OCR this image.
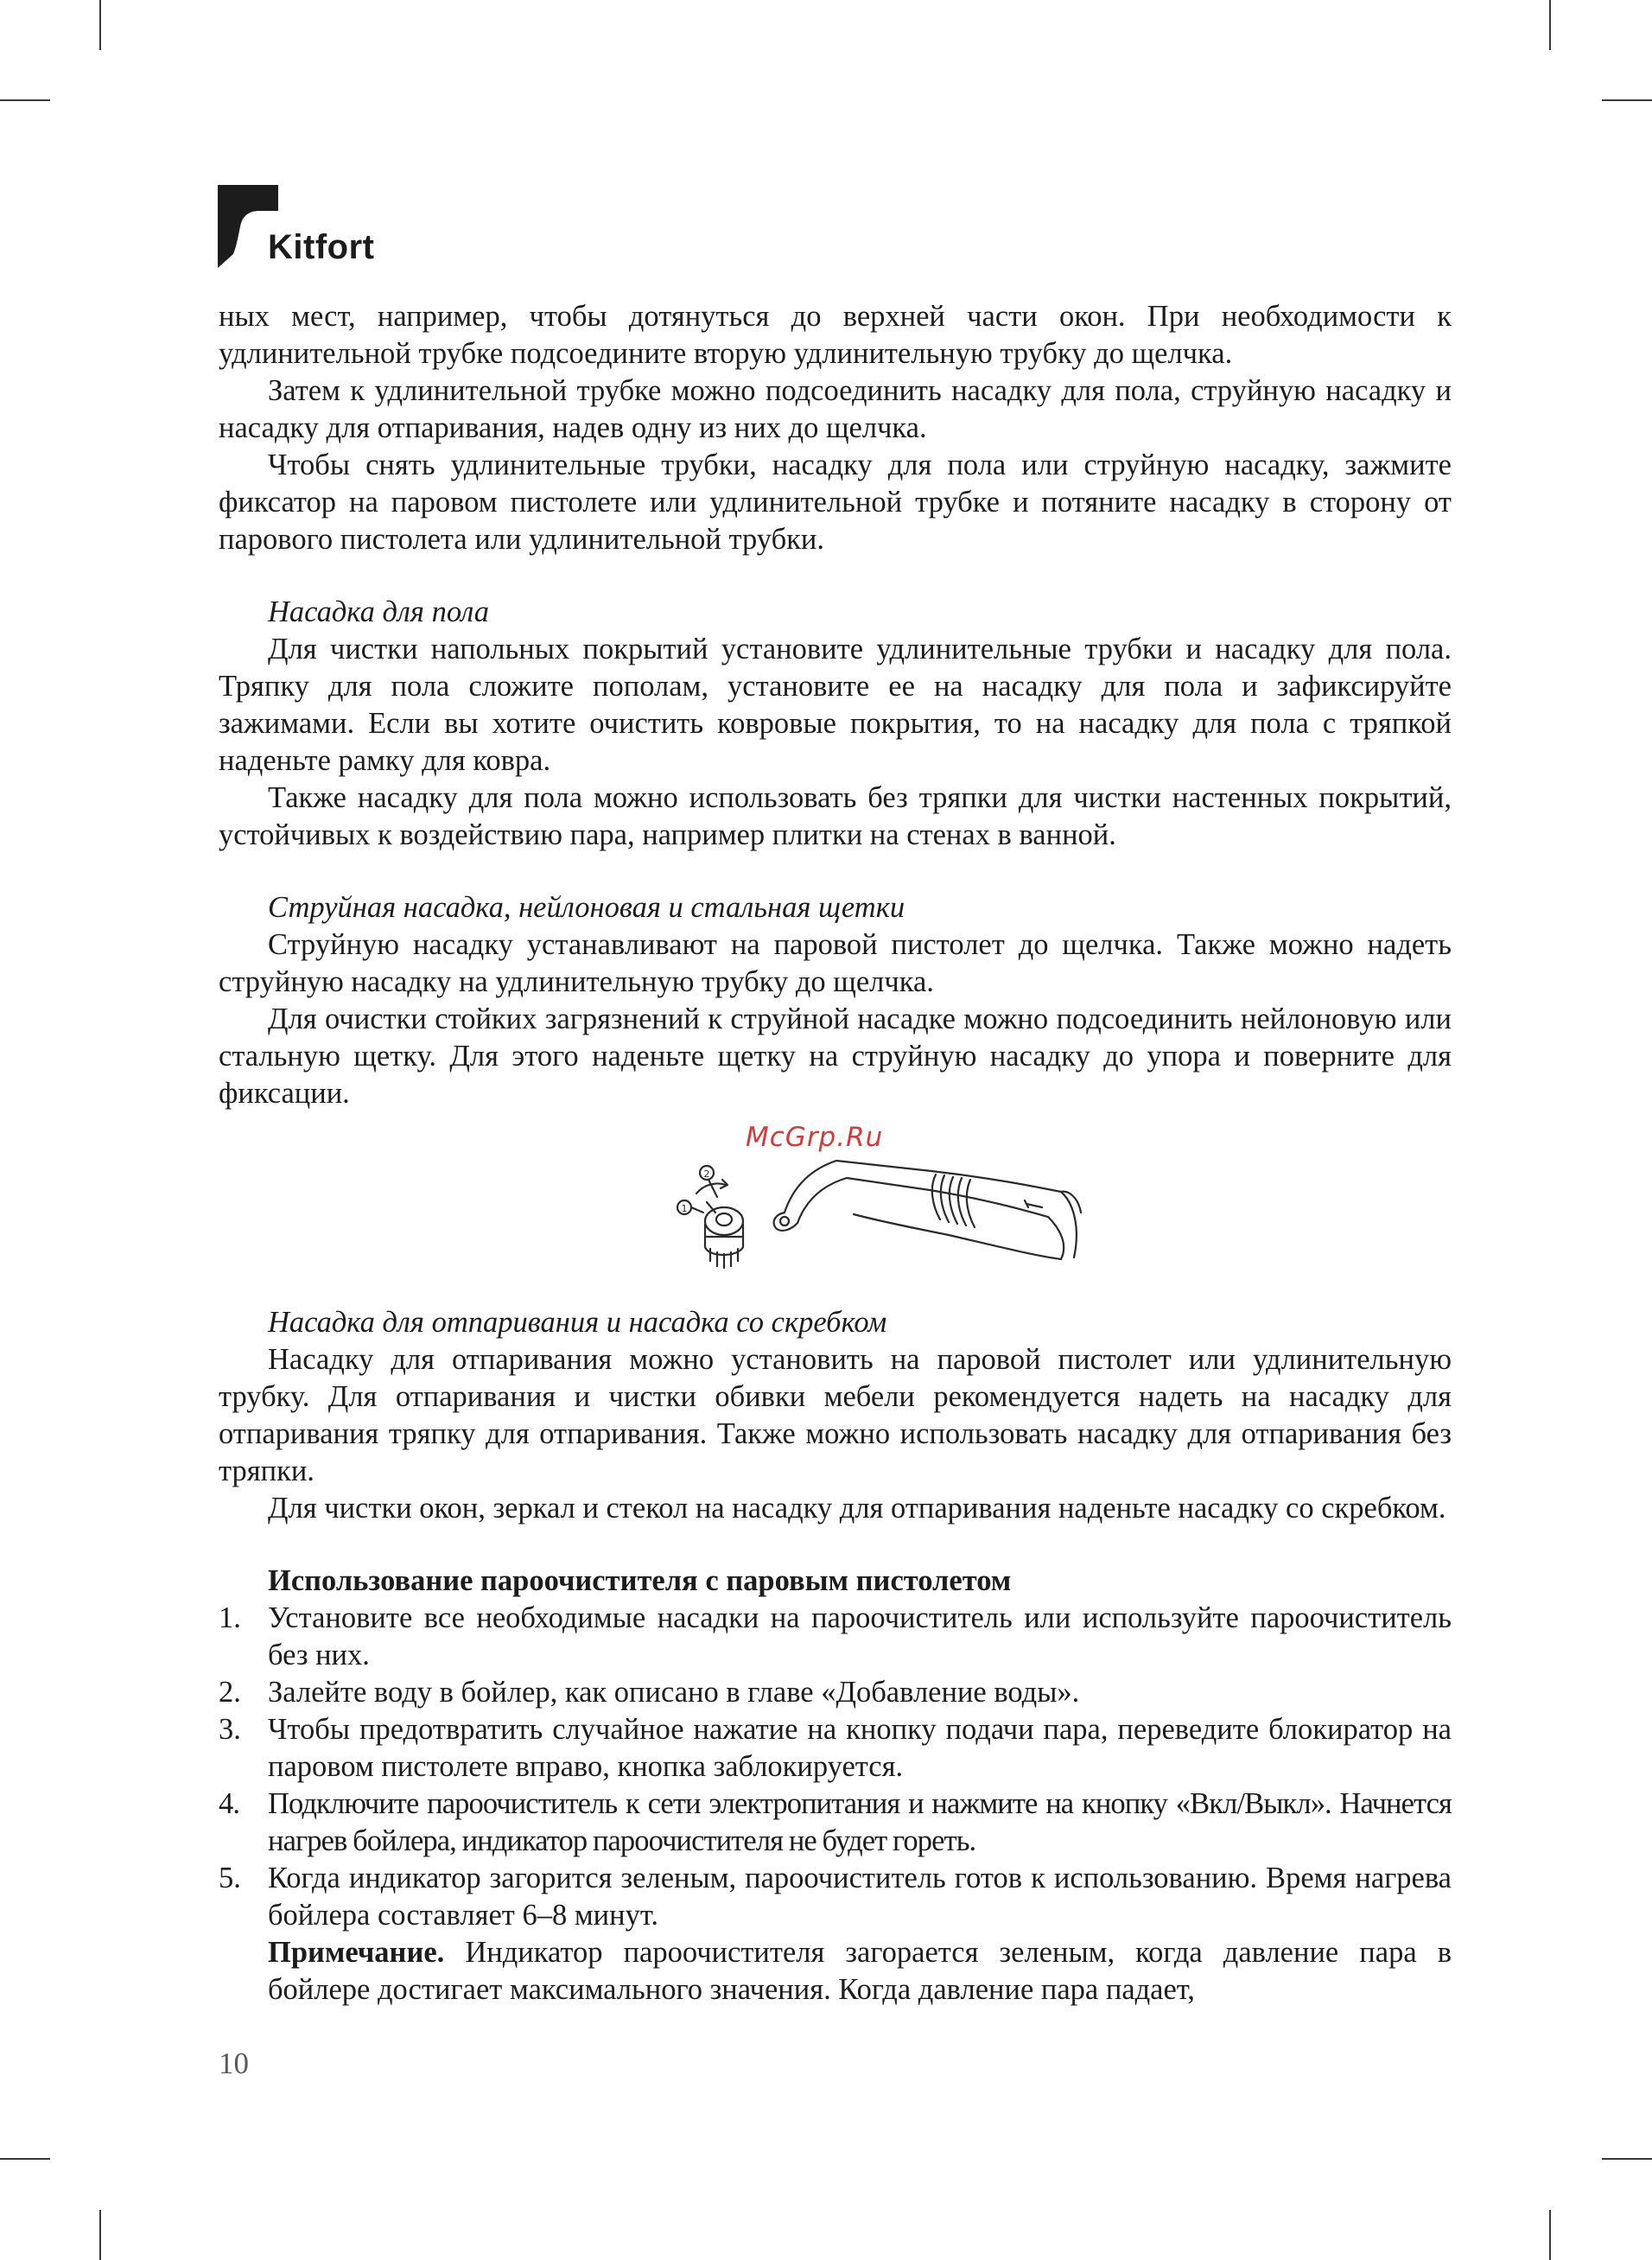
Kitfort

ных мест, например, чтобы дотянуться до верхней части окон. При необходимости к удлинительной трубке подсоедините вторую удлинительную трубку до щелчка.

Затем к удлинительной трубке можно подсоединить насадку для пола, струйную насадку и насадку для отпаривания, надев одну из них до щелчка.

Чтобы снять удлинительные трубки, насадку для пола или струйную насадку, зажмите фиксатор на паровом пистолете или удлинительной трубке и потяните насадку в сторону от парового пистолета или удлинительной трубки.

Насадка для пола

Для чистки напольных покрытий установите удлинительные трубки и насадку для пола. Тряпку для пола сложите пополам, установите ее на насадку для пола и зафиксируйте зажимами. Если вы хотите очистить ковровые покрытия, то на насадку для пола с тряпкой наденьте рамку для ковра.

Также насадку для пола можно использовать без тряпки для чистки настенных покрытий, устойчивых к воздействию пара, например плитки на стенах в ванной.

Струйная насадка, нейлоновая и стальная щетки

Струйную насадку устанавливают на паровой пистолет до щелчка. Также можно надеть струйную насадку на удлинительную трубку до щелчка.

Для очистки стойких загрязнений к струйной насадке можно подсоединить нейлоновую или стальную щетку. Для этого наденьте щетку на струйную насадку до упора и поверните для фиксации.

1
2
McGrp.Ru

Насадка для отпаривания и насадка со скребком

Насадку для отпаривания можно установить на паровой пистолет или удлинительную трубку. Для отпаривания и чистки обивки мебели рекомендуется надеть на насадку для отпаривания тряпку для отпаривания. Также можно использовать насадку для отпаривания без тряпки.

Для чистки окон, зеркал и стекол на насадку для отпаривания наденьте насадку со скребком.

Использование пароочистителя с паровым пистолетом

1. Установите все необходимые насадки на пароочиститель или используйте пароочиститель без них.
2. Залейте воду в бойлер, как описано в главе «Добавление воды».
3. Чтобы предотвратить случайное нажатие на кнопку подачи пара, переведите блокиратор на паровом пистолете вправо, кнопка заблокируется.
4. Подключите пароочиститель к сети электропитания и нажмите на кнопку «Вкл/Выкл». Начнется нагрев бойлера, индикатор пароочистителя не будет гореть.
5. Когда индикатор загорится зеленым, пароочиститель готов к использованию. Время нагрева бойлера составляет 6–8 минут.

Примечание. Индикатор пароочистителя загорается зеленым, когда давление пара в бойлере достигает максимального значения. Когда давление пара падает,

10
